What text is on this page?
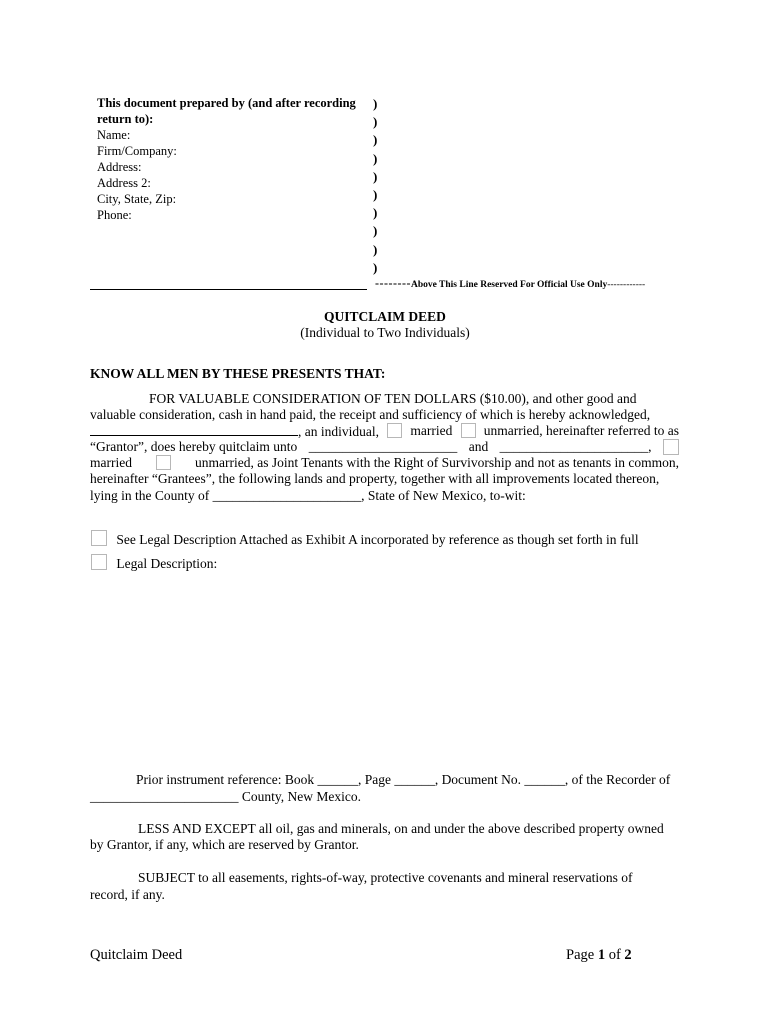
This document prepared by (and after recording return to):
Name:
Firm/Company:
Address:
Address 2:
City, State, Zip:
Phone:
)
)
)
)
)
)
)
)
)
)
--------Above This Line Reserved For Official Use Only------------
QUITCLAIM DEED
(Individual to Two Individuals)
KNOW ALL MEN BY THESE PRESENTS THAT:
FOR VALUABLE CONSIDERATION OF TEN DOLLARS ($10.00), and other good and
valuable consideration, cash in hand paid, the receipt and sufficiency of which is hereby acknowledged,
, an individual, married unmarried, hereinafter referred to as
“Grantor”, does hereby quitclaim unto ______________________ and ______________________,
married	unmarried, as Joint Tenants with the Right of Survivorship and not as tenants in common,
hereinafter “Grantees”, the following lands and property, together with all improvements located thereon,
lying in the County of ______________________, State of New Mexico, to-wit:
See Legal Description Attached as Exhibit A incorporated by reference as though set forth in full
Legal Description:
Prior instrument reference: Book ______, Page ______, Document No. ______, of the Recorder of
______________________ County, New Mexico.
LESS AND EXCEPT all oil, gas and minerals, on and under the above described property owned
by Grantor, if any, which are reserved by Grantor.
SUBJECT to all easements, rights-of-way, protective covenants and mineral reservations of
record, if any.
Quitclaim Deed	Page 1 of 2
